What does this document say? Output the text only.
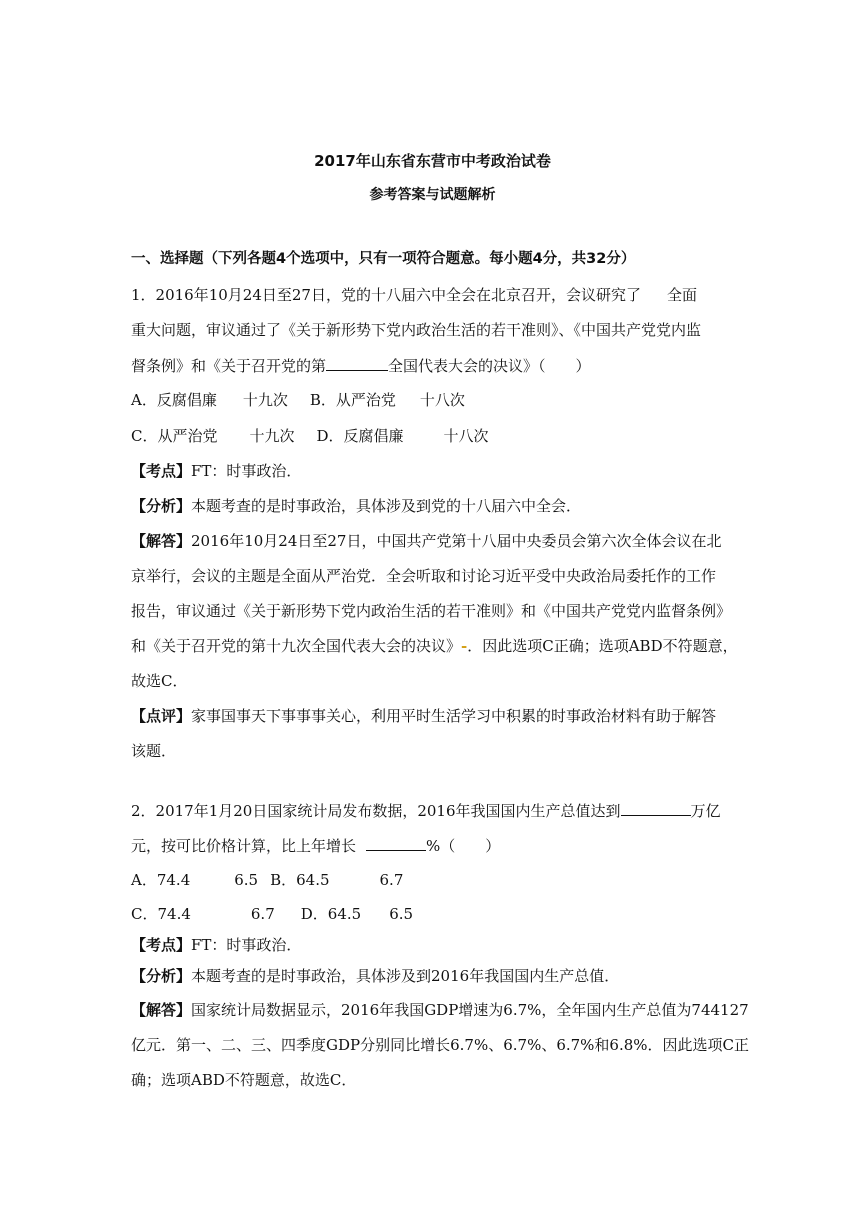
2017年山东省东营市中考政治试卷
参考答案与试题解析
一、选择题（下列各题4个选项中，只有一项符合题意。每小题4分，共32分）
1．2016年10月24日至27日，党的十八届六中全会在北京召开，会议研究了 全面
重大问题，审议通过了《关于新形势下党内政治生活的若干准则》、《中国共产党党内监
督条例》和《关于召开党的第	全国代表大会的决议》（　　）
A．反腐倡廉 十九次 B．从严治党 十八次
C．从严治党 十九次 D．反腐倡廉	十八次
【考点】FT：时事政治．
【分析】本题考查的是时事政治，具体涉及到党的十八届六中全会．
【解答】2016年10月24日至27日，中国共产党第十八届中央委员会第六次全体会议在北
京举行，会议的主题是全面从严治党．全会听取和讨论习近平受中央政治局委托作的工作
报告，审议通过《关于新形势下党内政治生活的若干准则》和《中国共产党党内监督条例》
和《关于召开党的第十九次全国代表大会的决议》-．因此选项C正确；选项ABD不符题意，
故选C．
【点评】家事国事天下事事事关心，利用平时生活学习中积累的时事政治材料有助于解答
该题．
2．2017年1月20日国家统计局发布数据，2016年我国国内生产总值达到	万亿
元，按可比价格计算，比上年增长	%（　　）
A．74.4	6.5 B．64.5	6.7
C．74.4	6.7 D．64.5 6.5
【考点】FT：时事政治．
【分析】本题考查的是时事政治，具体涉及到2016年我国国内生产总值．
【解答】国家统计局数据显示，2016年我国GDP增速为6.7%，全年国内生产总值为744127
亿元．第一、二、三、四季度GDP分别同比增长6.7%、6.7%、6.7%和6.8%．因此选项C正
确；选项ABD不符题意，故选C．
